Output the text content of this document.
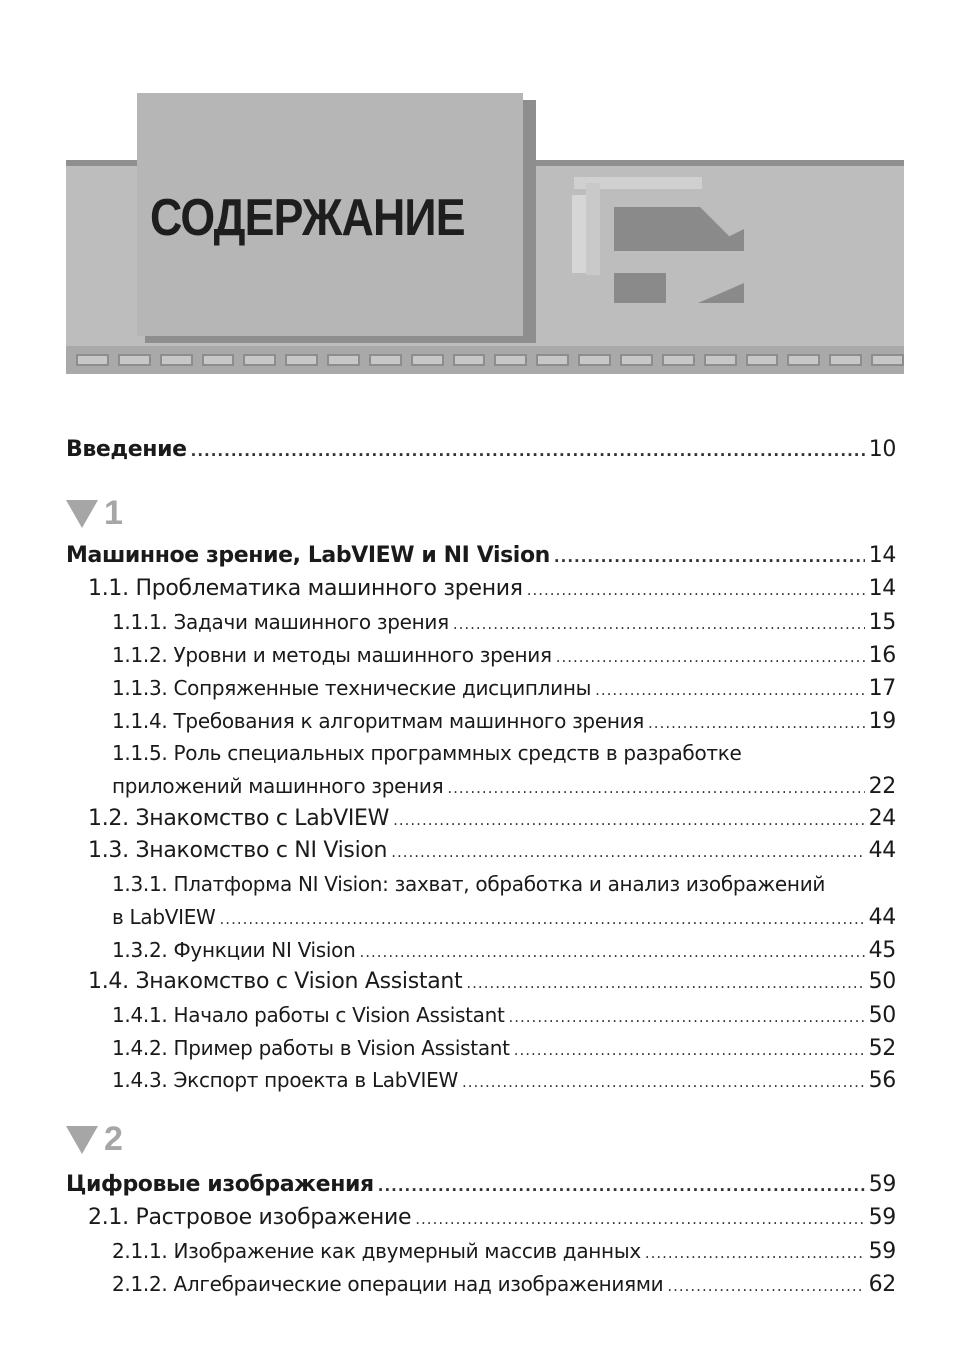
СОДЕРЖАНИЕ
Введение .....	10
1
Машинное зрение, LabVIEW и NI Vision .....	14
1.1. Проблематика машинного зрения .....	14
1.1.1. Задачи машинного зрения .....	15
1.1.2. Уровни и методы машинного зрения .....	16
1.1.3. Сопряженные технические дисциплины .....	17
1.1.4. Требования к алгоритмам машинного зрения .....	19
1.1.5. Роль специальных программных средств в разработке
приложений машинного зрения .....	22
1.2. Знакомство с LabVIEW .....	24
1.3. Знакомство с NI Vision .....	44
1.3.1. Платформа NI Vision: захват, обработка и анализ изображений
в LabVIEW .....	44
1.3.2. Функции NI Vision .....	45
1.4. Знакомство с Vision Assistant .....	50
1.4.1. Начало работы с Vision Assistant .....	50
1.4.2. Пример работы в Vision Assistant .....	52
1.4.3. Экспорт проекта в LabVIEW .....	56
2
Цифровые изображения .....	59
2.1. Растровое изображение .....	59
2.1.1. Изображение как двумерный массив данных .....	59
2.1.2. Алгебраические операции над изображениями .....	62
